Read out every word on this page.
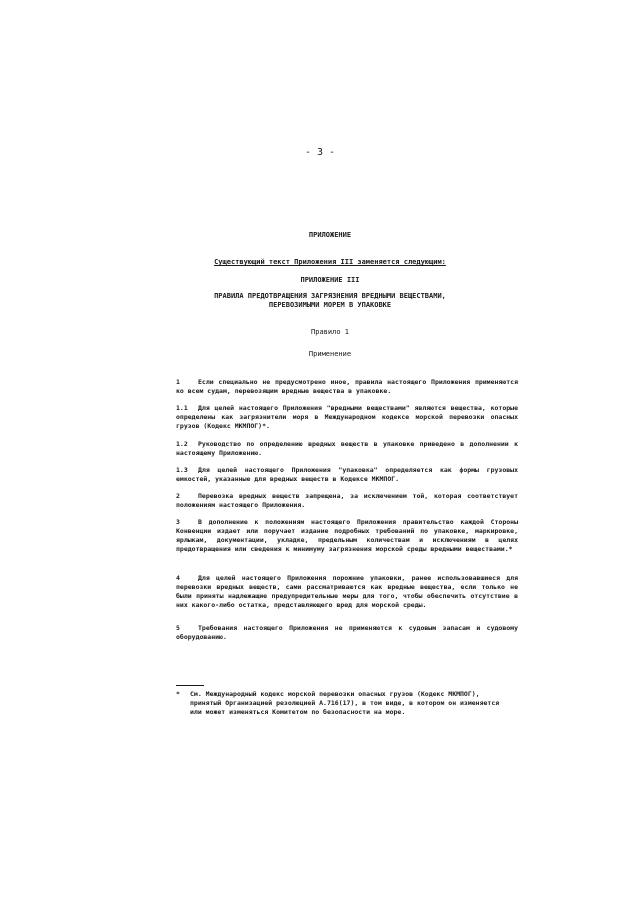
- 3 -
ПРИЛОЖЕНИЕ
Существующий текст Приложения III заменяется следующим:
ПРИЛОЖЕНИЕ III
ПРАВИЛА ПРЕДОТВРАЩЕНИЯ ЗАГРЯЗНЕНИЯ ВРЕДНЫМИ ВЕЩЕСТВАМИ,
ПЕРЕВОЗИМЫМИ МОРЕМ В УПАКОВКЕ
Правило 1
Применение
1	Если специально не предусмотрено иное, правила настоящего Приложения применяются ко всем судам, перевозящим вредные вещества в упаковке.
1.1 Для целей настоящего Приложения "вредными веществами" являются вещества, которые определены как загрязнители моря в Международном кодексе морской перевозки опасных грузов (Кодекс МКМПОГ)*.
1.2 Руководство по определению вредных веществ в упаковке приведено в дополнении к настоящему Приложению.
1.3 Для целей настоящего Приложения "упаковка" определяется как формы грузовых емкостей, указанные для вредных веществ в Кодексе МКМПОГ.
2	Перевозка вредных веществ запрещена, за исключением той, которая соответствует положениям настоящего Приложения.
3	В дополнение к положениям настоящего Приложения правительство каждой Стороны Конвенции издает или поручает издание подробных требований по упаковке, маркировке, ярлыкам, документации, укладке, предельным количествам и исключениям в целях предотвращения или сведения к минимуму загрязнения морской среды вредными веществами.*
4	Для целей настоящего Приложения порожние упаковки, ранее использовавшиеся для перевозки вредных веществ, сами рассматриваются как вредные вещества, если только не были приняты надлежащие предупредительные меры для того, чтобы обеспечить отсутствие в них какого-либо остатка, представляющего вред для морской среды.
5	Требования настоящего Приложения не применяются к судовым запасам и судовому оборудованию.
* См. Международный кодекс морской перевозки опасных грузов (Кодекс МКМПОГ), принятый Организацией резолюцией A.716(17), в том виде, в котором он изменяется или может изменяться Комитетом по безопасности на море.
